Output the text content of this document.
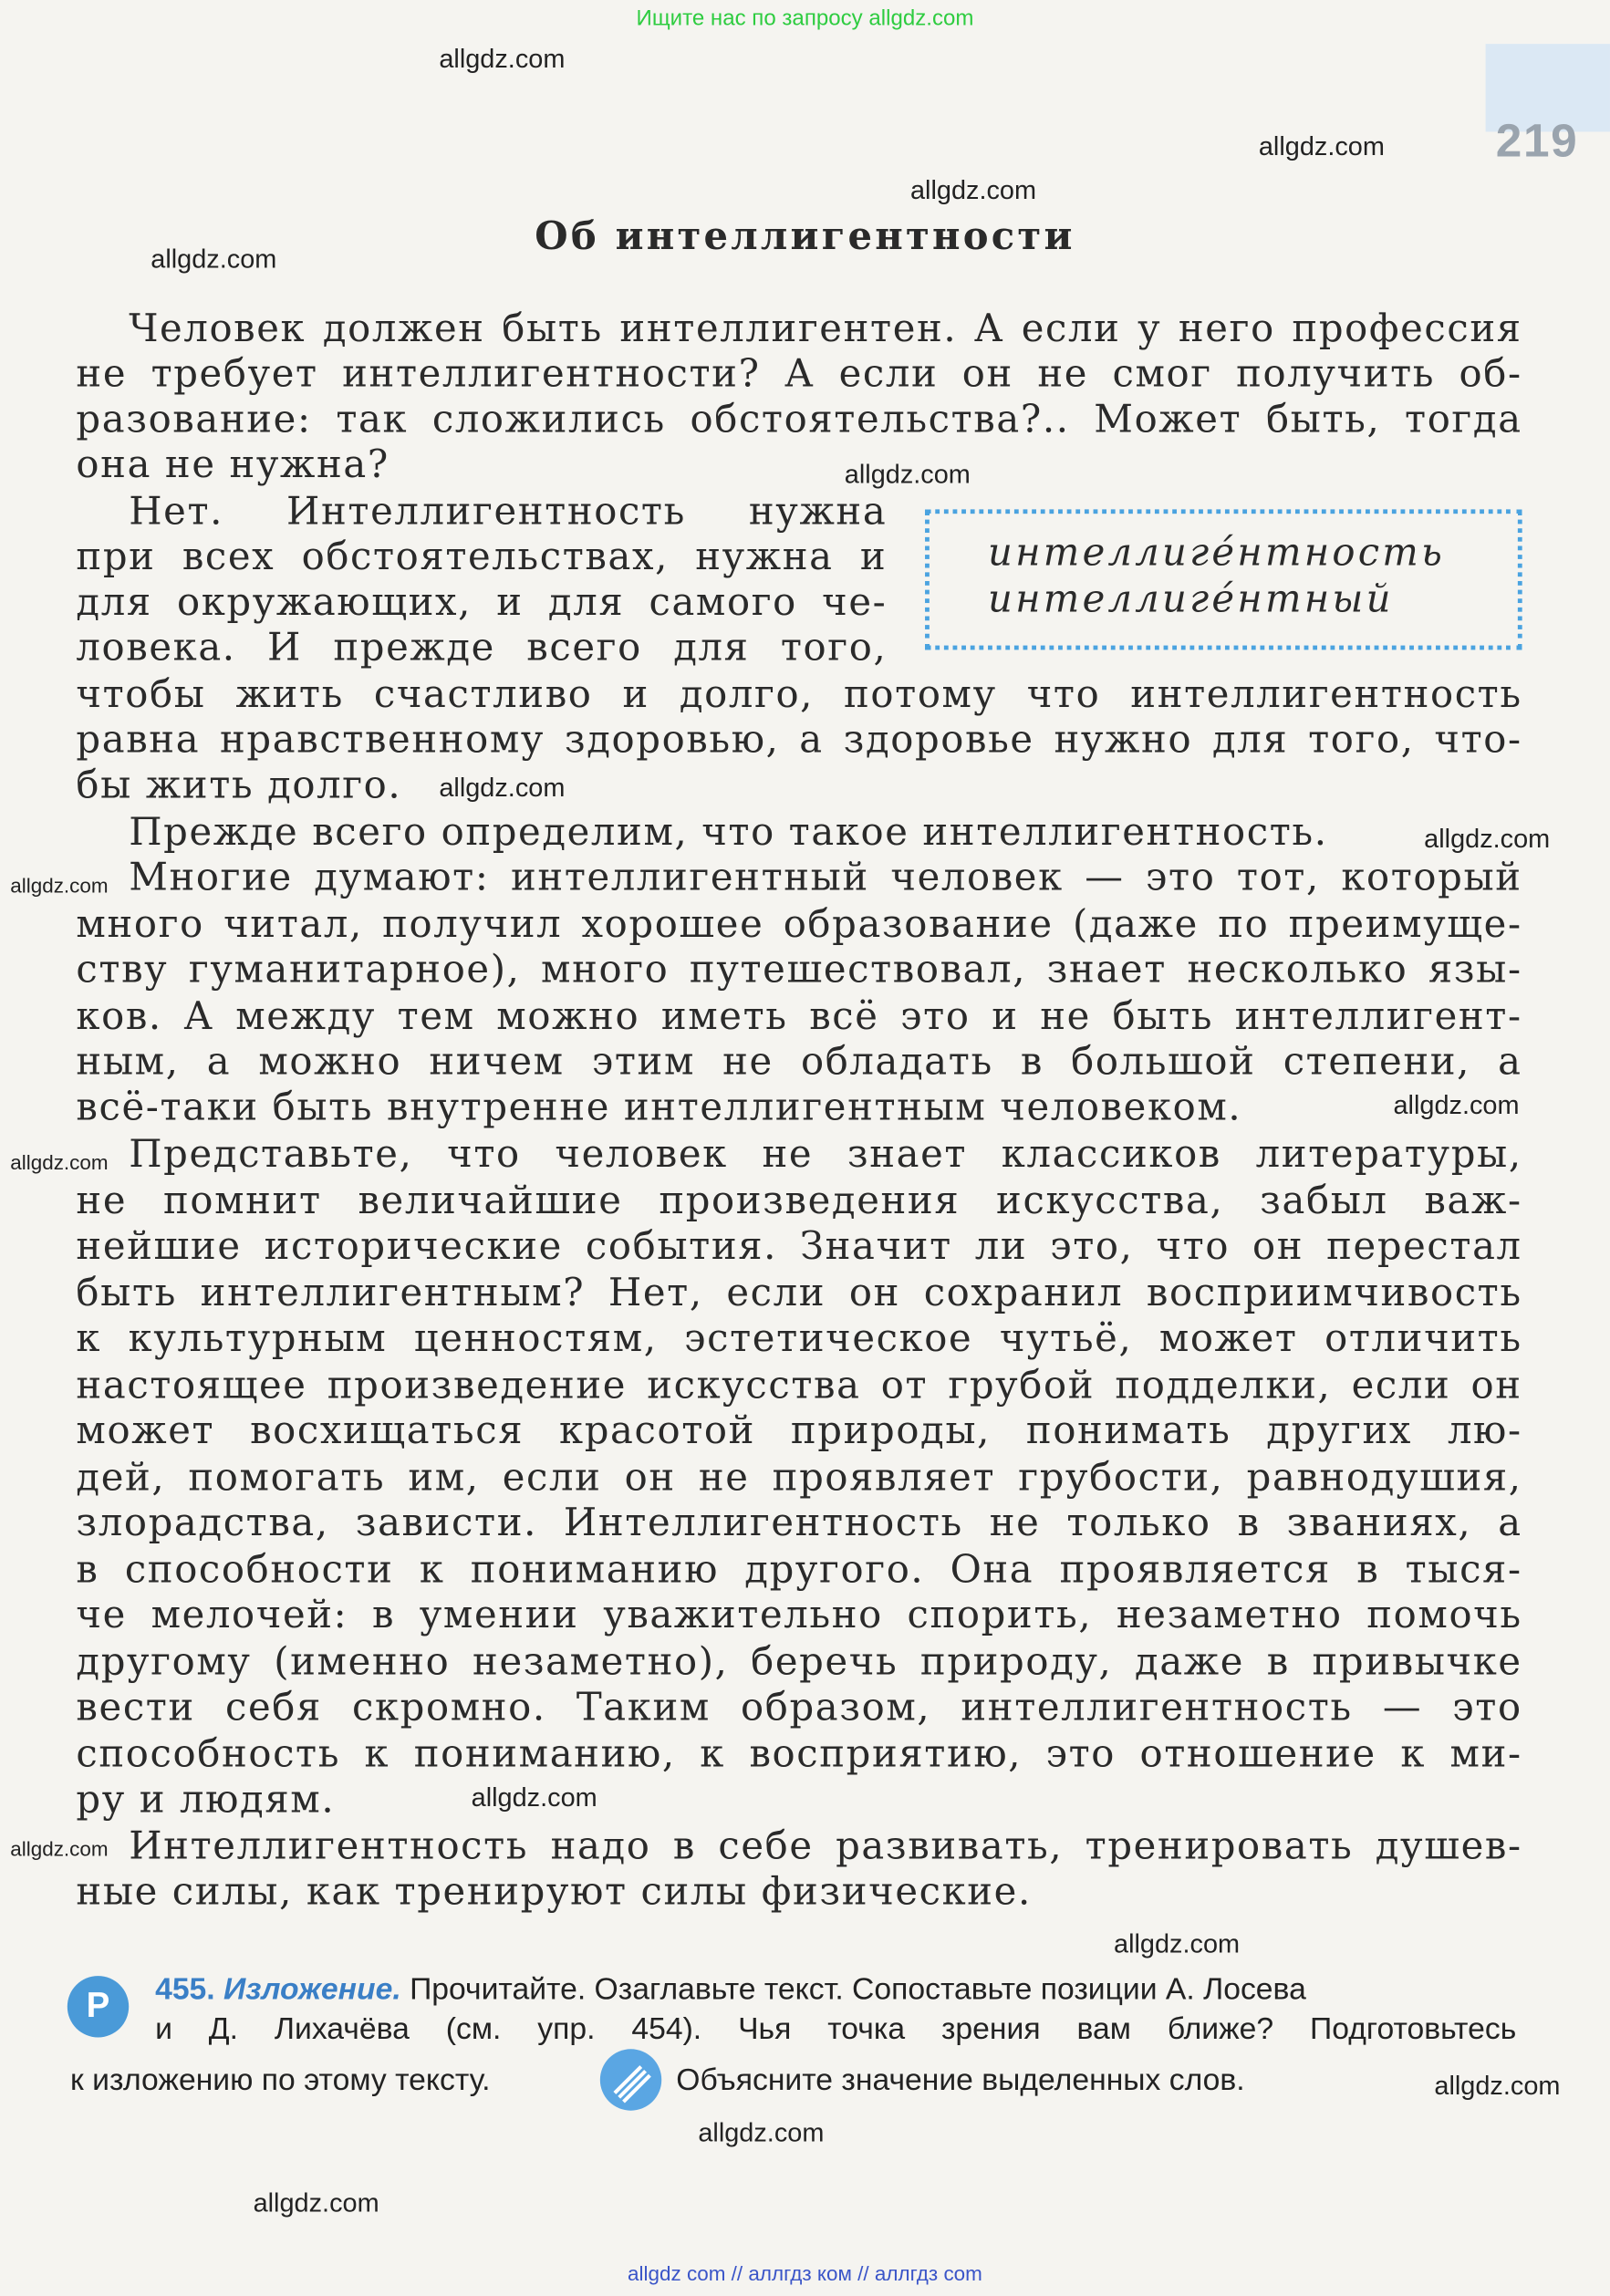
Ищите нас по запросу allgdz.com
219
Об интеллигентности
Человек должен быть интеллигентен. А если у него профессия
не требует интеллигентности? А если он не смог получить об-
разование: так сложились обстоятельства?.. Может быть, тогда
она не нужна?
Нет. Интеллигентность нужна
при всех обстоятельствах, нужна и
для окружающих, и для самого че-
ловека. И прежде всего для того,
чтобы жить счастливо и долго, потому что интеллигентность
равна нравственному здоровью, а здоровье нужно для того, что-
бы жить долго.
Прежде всего определим, что такое интеллигентность.
Многие думают: интеллигентный человек — это тот, который
много читал, получил хорошее образование (даже по преимуще-
ству гуманитарное), много путешествовал, знает несколько язы-
ков. А между тем можно иметь всё это и не быть интеллигент-
ным, а можно ничем этим не обладать в большой степени, а
всё-таки быть внутренне интеллигентным человеком.
Представьте, что человек не знает классиков литературы,
не помнит величайшие произведения искусства, забыл важ-
нейшие исторические события. Значит ли это, что он перестал
быть интеллигентным? Нет, если он сохранил восприимчивость
к культурным ценностям, эстетическое чутьё, может отличить
настоящее произведение искусства от грубой подделки, если он
может восхищаться красотой природы, понимать других лю-
дей, помогать им, если он не проявляет грубости, равнодушия,
злорадства, зависти. Интеллигентность не только в званиях, а
в способности к пониманию другого. Она проявляется в тыся-
че мелочей: в умении уважительно спорить, незаметно помочь
другому (именно незаметно), беречь природу, даже в привычке
вести себя скромно. Таким образом, интеллигентность — это
способность к пониманию, к восприятию, это отношение к ми-
ру и людям.
Интеллигентность надо в себе развивать, тренировать душев-
ные силы, как тренируют силы физические.
интеллиге́нтность
интеллиге́нтный
Р	455. Изложение. Прочитайте. Озаглавьте текст. Сопоставьте позиции А. Лосева
и Д. Лихачёва (см. упр. 454). Чья точка зрения вам ближе? Подготовьтесь
к изложению по этому тексту.	Объясните значение выделенных слов.
allgdz.com
allgdz.com
allgdz.com
allgdz.com
allgdz.com
allgdz.com
allgdz.com
allgdz.com
allgdz.com
allgdz.com
allgdz.com
allgdz.com
allgdz.com
allgdz.com
allgdz.com
allgdz.com
allgdz com // аллгдз ком // аллгдз com
